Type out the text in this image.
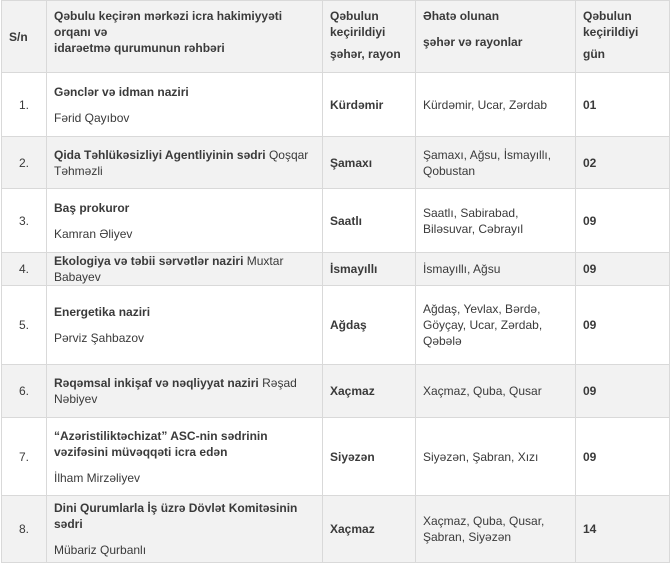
S/n	Qəbulu keçirən mərkəzi icra hakimiyyəti orqanı və
idarəetmə qurumunun rəhbəri	Qəbulun
keçirildiyi
şəhər, rayon	Əhatə olunan
şəhər və rayonlar	Qəbulun
keçirildiyi
gün
1.	Gənclər və idman naziri
Fərid Qayıbov	Kürdəmir	Kürdəmir, Ucar, Zərdab	01
2.	Qida Təhlükəsizliyi Agentliyinin sədri Qoşqar Təhməzli	Şamaxı	Şamaxı, Ağsu, İsmayıllı, Qobustan	02
3.	Baş prokuror
Kamran Əliyev	Saatlı	Saatlı, Sabirabad, Biləsuvar, Cəbrayıl	09
4.	Ekologiya və təbii sərvətlər naziri Muxtar Babayev	İsmayıllı	İsmayıllı, Ağsu	09
5.	Energetika naziri
Pərviz Şahbazov	Ağdaş	Ağdaş, Yevlax, Bərdə, Göyçay, Ucar, Zərdab, Qəbələ	09
6.	Rəqəmsal inkişaf və nəqliyyat naziri Rəşad Nəbiyev	Xaçmaz	Xaçmaz, Quba, Qusar	09
7.	“Azəristiliktəchizat” ASC-nin sədrinin vəzifəsini müvəqqəti icra edən
İlham Mirzəliyev	Siyəzən	Siyəzən, Şabran, Xızı	09
8.	Dini Qurumlarla İş üzrə Dövlət Komitəsinin sədri
Mübariz Qurbanlı	Xaçmaz	Xaçmaz, Quba, Qusar, Şabran, Siyəzən	14
